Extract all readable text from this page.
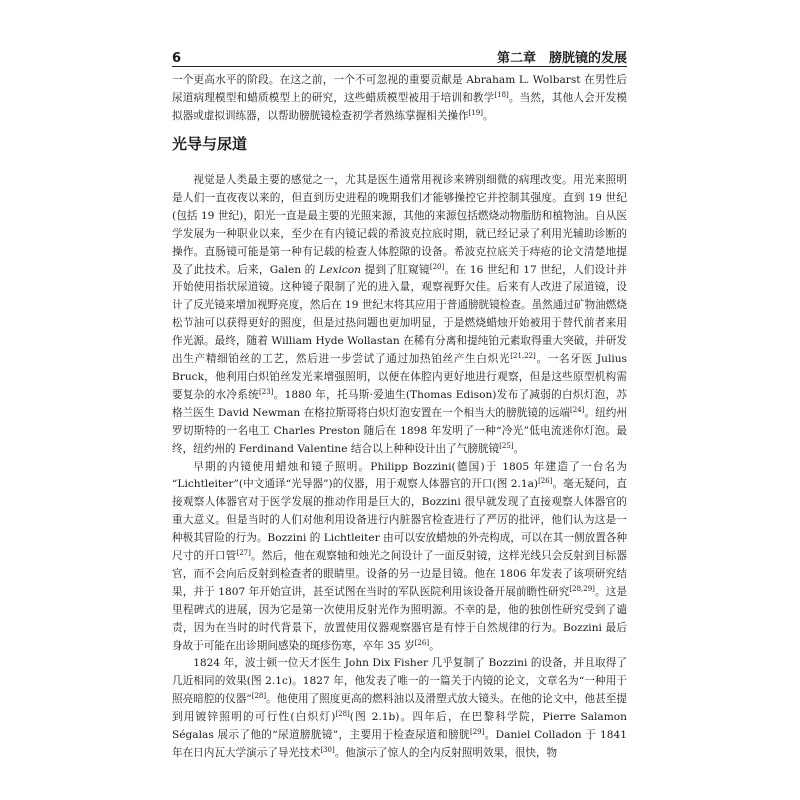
6	第二章　膀胱镜的发展

一个更高水平的阶段。在这之前，一个不可忽视的重要贡献是 Abraham L. Wolbarst 在男性后尿道病理模型和蜡质模型上的研究，这些蜡质模型被用于培训和教学[18]。当然，其他人会开发模拟器或虚拟训练器，以帮助膀胱镜检查初学者熟练掌握相关操作[19]。

光导与尿道

视觉是人类最主要的感觉之一，尤其是医生通常用视诊来辨别细微的病理改变。用光来照明是人们一直夜夜以来的，但直到历史进程的晚期我们才能够操控它并控制其强度。直到 19 世纪(包括 19 世纪)，阳光一直是最主要的光照来源，其他的来源包括燃烧动物脂肪和植物油。自从医学发展为一种职业以来，至少在有内镜记载的希波克拉底时期，就已经记录了利用光辅助诊断的操作。直肠镜可能是第一种有记载的检查人体腔隙的设备。希波克拉底关于痔疮的论文清楚地提及了此技术。后来，Galen 的 Lexicon 提到了肛窥镜[20]。在 16 世纪和 17 世纪，人们设计并开始使用指状尿道镜。这种镜子限制了光的进入量，观察视野欠佳。后来有人改进了尿道镜，设计了反光镜来增加视野亮度，然后在 19 世纪末将其应用于普通膀胱镜检查。虽然通过矿物油燃烧松节油可以获得更好的照度，但是过热问题也更加明显，于是燃烧蜡烛开始被用于替代前者来用作光源。最终，随着 William Hyde Wollastan 在稀有分离和提纯铂元素取得重大突破，并研发出生产精细铂丝的工艺，然后进一步尝试了通过加热铂丝产生白炽光[21,22]。一名牙医 Julius Bruck，他利用白炽铂丝发光来增强照明，以便在体腔内更好地进行观察，但是这些原型机构需要复杂的水冷系统[23]。1880 年，托马斯·爱迪生(Thomas Edison)发布了减弱的白炽灯泡，苏格兰医生 David Newman 在格拉斯哥将白炽灯泡安置在一个相当大的膀胱镜的远端[24]。纽约州罗切斯特的一名电工 Charles Preston 随后在 1898 年发明了一种“冷光”低电流迷你灯泡。最终，纽约州的 Ferdinand Valentine 结合以上种种设计出了气膀胱镜[25]。

早期的内镜使用蜡烛和镜子照明。Philipp Bozzini(德国)于 1805 年建造了一台名为 “Lichtleiter”(中文通译“光导器”)的仪器，用于观察人体器官的开口(图 2.1a)[26]。毫无疑问，直接观察人体器官对于医学发展的推动作用是巨大的，Bozzini 很早就发现了直接观察人体器官的重大意义。但是当时的人们对他利用设备进行内脏器官检查进行了严厉的批评，他们认为这是一种极其冒险的行为。Bozzini 的 Lichtleiter 由可以安放蜡烛的外壳构成，可以在其一侧放置各种尺寸的开口管[27]。然后，他在观察轴和烛光之间设计了一面反射镜，这样光线只会反射到目标器官，而不会向后反射到检查者的眼睛里。设备的另一边是目镜。他在 1806 年发表了该项研究结果，并于 1807 年开始宣讲，甚至试图在当时的军队医院利用该设备开展前瞻性研究[28,29]。这是里程碑式的进展，因为它是第一次使用反射光作为照明源。不幸的是，他的独创性研究受到了谴责，因为在当时的时代背景下，放置使用仪器观察器官是有悖于自然规律的行为。Bozzini 最后身故于可能在出诊期间感染的斑疹伤寒，卒年 35 岁[26]。

1824 年，波士顿一位天才医生 John Dix Fisher 几乎复制了 Bozzini 的设备，并且取得了几近相同的效果(图 2.1c)。1827 年，他发表了唯一的一篇关于内镜的论文，文章名为“一种用于照亮暗腔的仪器”[28]。他使用了照度更高的燃料油以及滑塑式放大镜头。在他的论文中，他甚至提到用镀锌照明的可行性(白炽灯)[28](图 2.1b)。四年后，在巴黎科学院，Pierre Salamon Ségalas 展示了他的“尿道膀胱镜”，主要用于检查尿道和膀胱[29]。Daniel Colladon 于 1841 年在日内瓦大学演示了导光技术[30]。他演示了惊人的全内反射照明效果，很快，物
